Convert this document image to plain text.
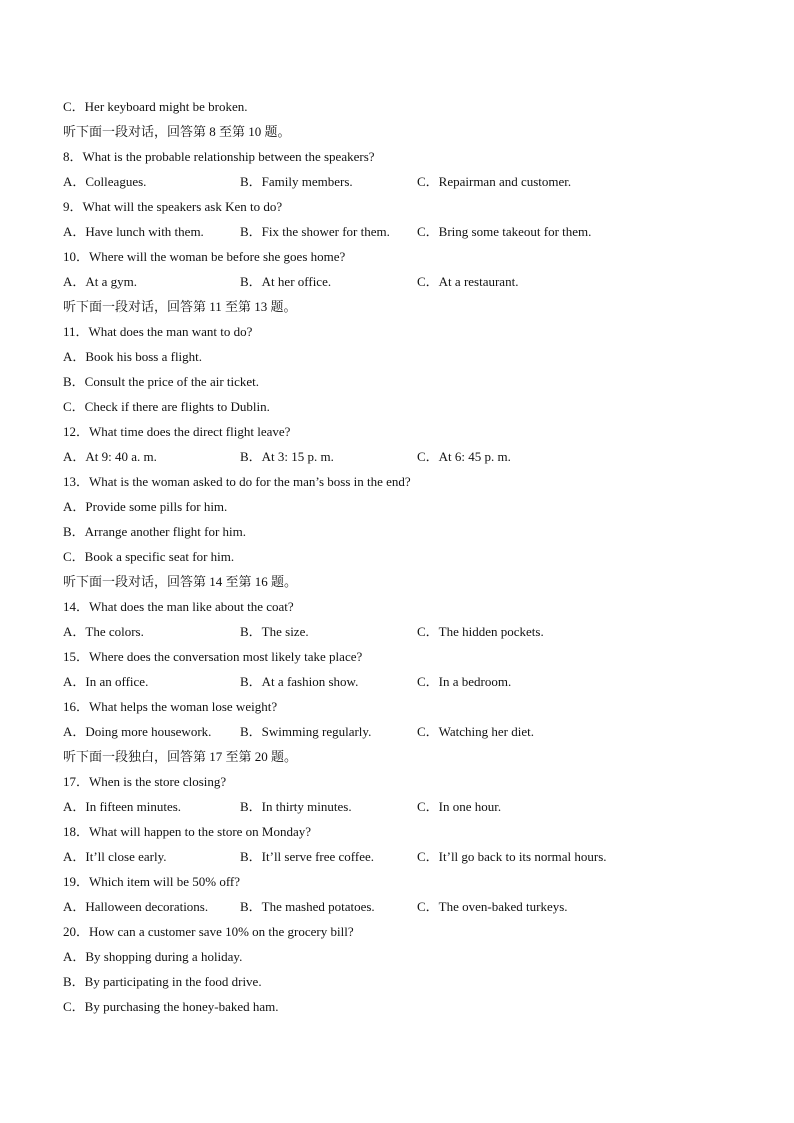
C．Her keyboard might be broken.
听下面一段对话，回答第 8 至第 10 题。
8．What is the probable relationship between the speakers?
A．Colleagues.	B．Family members.	C．Repairman and customer.
9．What will the speakers ask Ken to do?
A．Have lunch with them.	B．Fix the shower for them.	C．Bring some takeout for them.
10．Where will the woman be before she goes home?
A．At a gym.	B．At her office.	C．At a restaurant.
听下面一段对话，回答第 11 至第 13 题。
11．What does the man want to do?
A．Book his boss a flight.
B．Consult the price of the air ticket.
C．Check if there are flights to Dublin.
12．What time does the direct flight leave?
A．At 9: 40 a. m.	B．At 3: 15 p. m.	C．At 6: 45 p. m.
13．What is the woman asked to do for the man’s boss in the end?
A．Provide some pills for him.
B．Arrange another flight for him.
C．Book a specific seat for him.
听下面一段对话，回答第 14 至第 16 题。
14．What does the man like about the coat?
A．The colors.	B．The size.	C．The hidden pockets.
15．Where does the conversation most likely take place?
A．In an office.	B．At a fashion show.	C．In a bedroom.
16．What helps the woman lose weight?
A．Doing more housework.	B．Swimming regularly.	C．Watching her diet.
听下面一段独白，回答第 17 至第 20 题。
17．When is the store closing?
A．In fifteen minutes.	B．In thirty minutes.	C．In one hour.
18．What will happen to the store on Monday?
A．It’ll close early.	B．It’ll serve free coffee.	C．It’ll go back to its normal hours.
19．Which item will be 50% off?
A．Halloween decorations.	B．The mashed potatoes.	C．The oven-baked turkeys.
20．How can a customer save 10% on the grocery bill?
A．By shopping during a holiday.
B．By participating in the food drive.
C．By purchasing the honey-baked ham.
